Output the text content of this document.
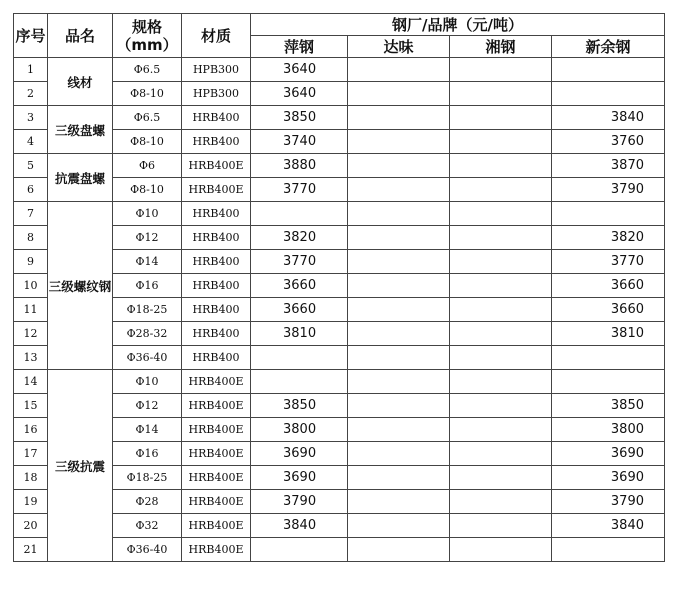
序号	品名	规格（mm）	材质	钢厂/品牌（元/吨）			
				萍钢	达味	湘钢	新余钢
1	线材	Φ6.5	HPB300	3640			
2		Φ8-10	HPB300	3640			
3	三级盘螺	Φ6.5	HRB400	3850			3840
4		Φ8-10	HRB400	3740			3760
5	抗震盘螺	Φ6	HRB400E	3880			3870
6		Φ8-10	HRB400E	3770			3790
7	三级螺纹钢	Φ10	HRB400				
8		Φ12	HRB400	3820			3820
9		Φ14	HRB400	3770			3770
10		Φ16	HRB400	3660			3660
11		Φ18-25	HRB400	3660			3660
12		Φ28-32	HRB400	3810			3810
13		Φ36-40	HRB400				
14	三级抗震	Φ10	HRB400E				
15		Φ12	HRB400E	3850			3850
16		Φ14	HRB400E	3800			3800
17		Φ16	HRB400E	3690			3690
18		Φ18-25	HRB400E	3690			3690
19		Φ28	HRB400E	3790			3790
20		Φ32	HRB400E	3840			3840
21		Φ36-40	HRB400E				
